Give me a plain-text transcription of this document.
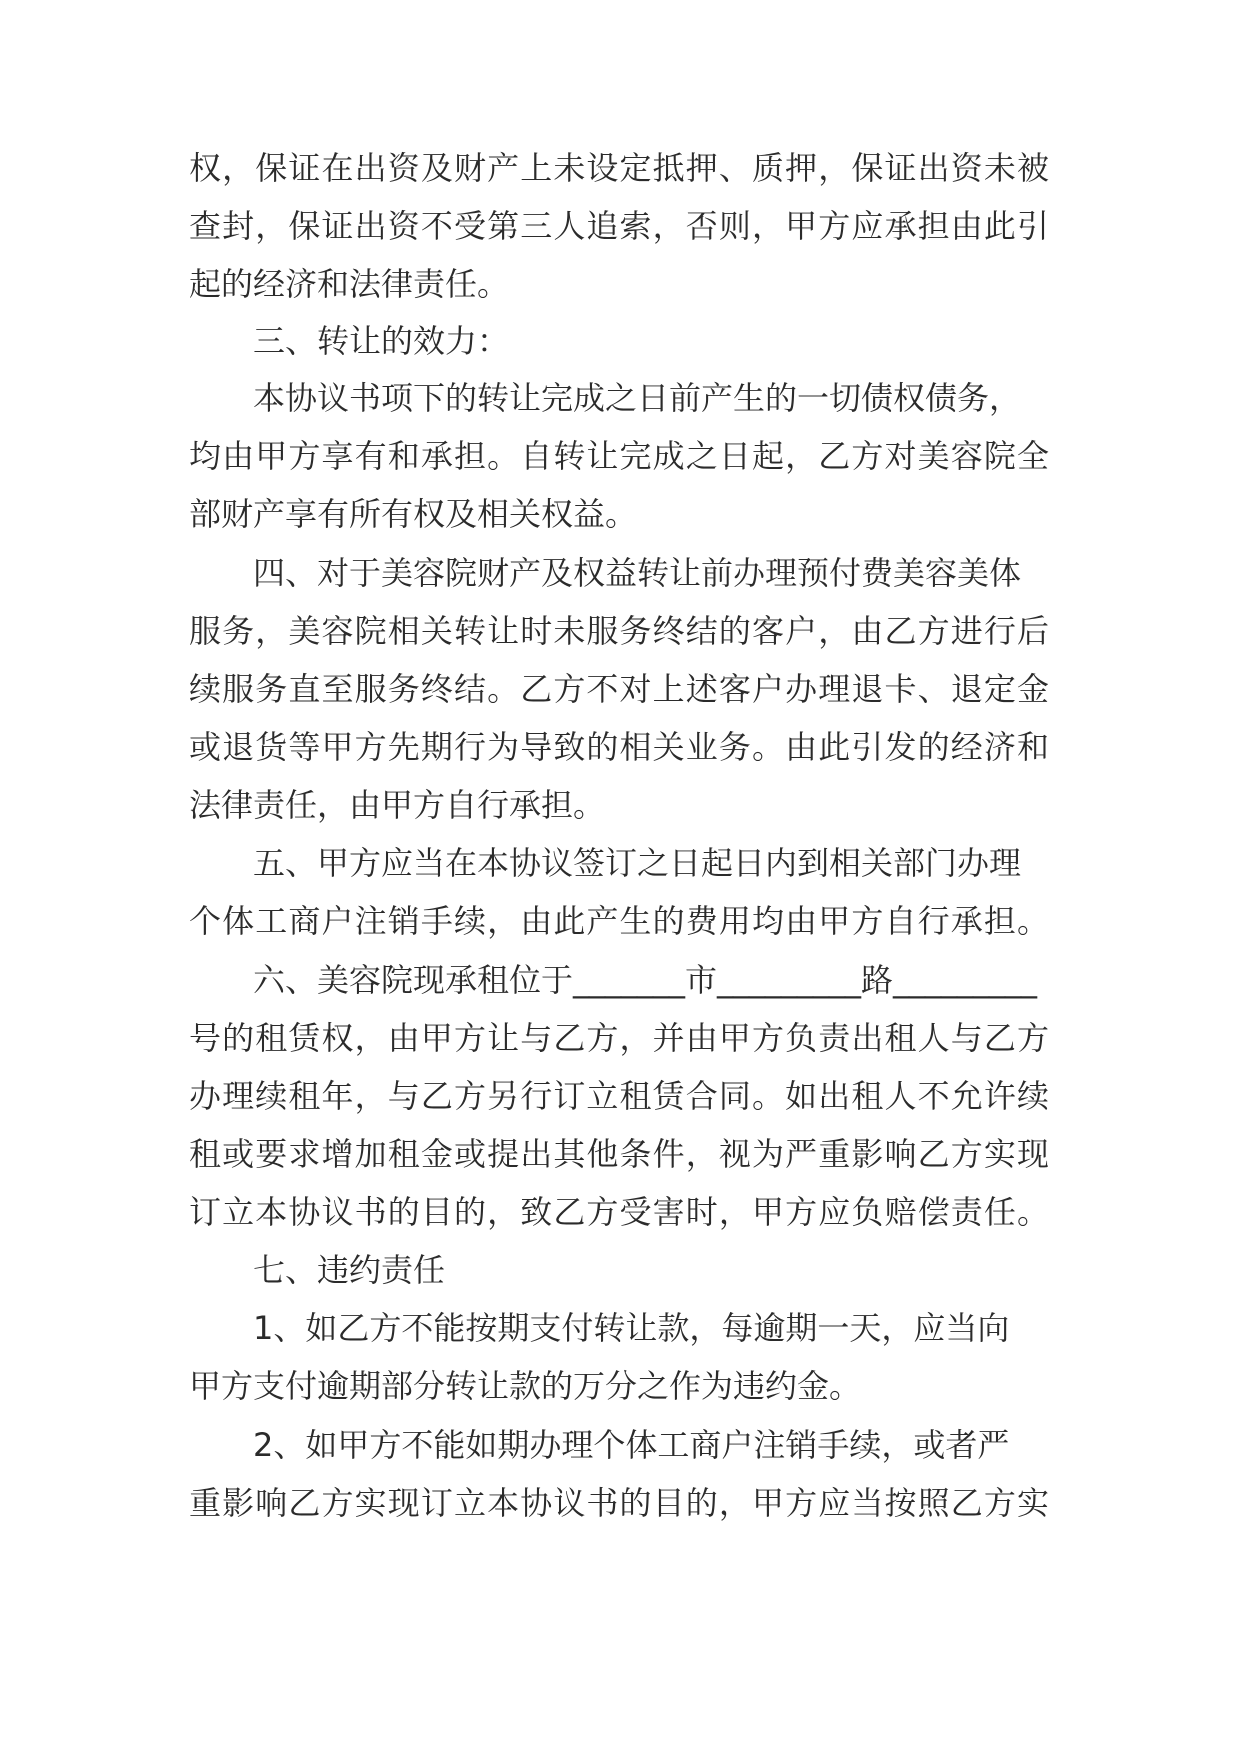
权，保证在出资及财产上未设定抵押、质押，保证出资未被
查封，保证出资不受第三人追索，否则，甲方应承担由此引
起的经济和法律责任。
三、转让的效力：
本协议书项下的转让完成之日前产生的一切债权债务，
均由甲方享有和承担。自转让完成之日起，乙方对美容院全
部财产享有所有权及相关权益。
四、对于美容院财产及权益转让前办理预付费美容美体
服务，美容院相关转让时未服务终结的客户，由乙方进行后
续服务直至服务终结。乙方不对上述客户办理退卡、退定金
或退货等甲方先期行为导致的相关业务。由此引发的经济和
法律责任，由甲方自行承担。
五、甲方应当在本协议签订之日起日内到相关部门办理
个体工商户注销手续，由此产生的费用均由甲方自行承担。
六、美容院现承租位于_______市_________路_________
号的租赁权，由甲方让与乙方，并由甲方负责出租人与乙方
办理续租年，与乙方另行订立租赁合同。如出租人不允许续
租或要求增加租金或提出其他条件，视为严重影响乙方实现
订立本协议书的目的，致乙方受害时，甲方应负赔偿责任。
七、违约责任
1、如乙方不能按期支付转让款，每逾期一天，应当向
甲方支付逾期部分转让款的万分之作为违约金。
2、如甲方不能如期办理个体工商户注销手续，或者严
重影响乙方实现订立本协议书的目的，甲方应当按照乙方实
